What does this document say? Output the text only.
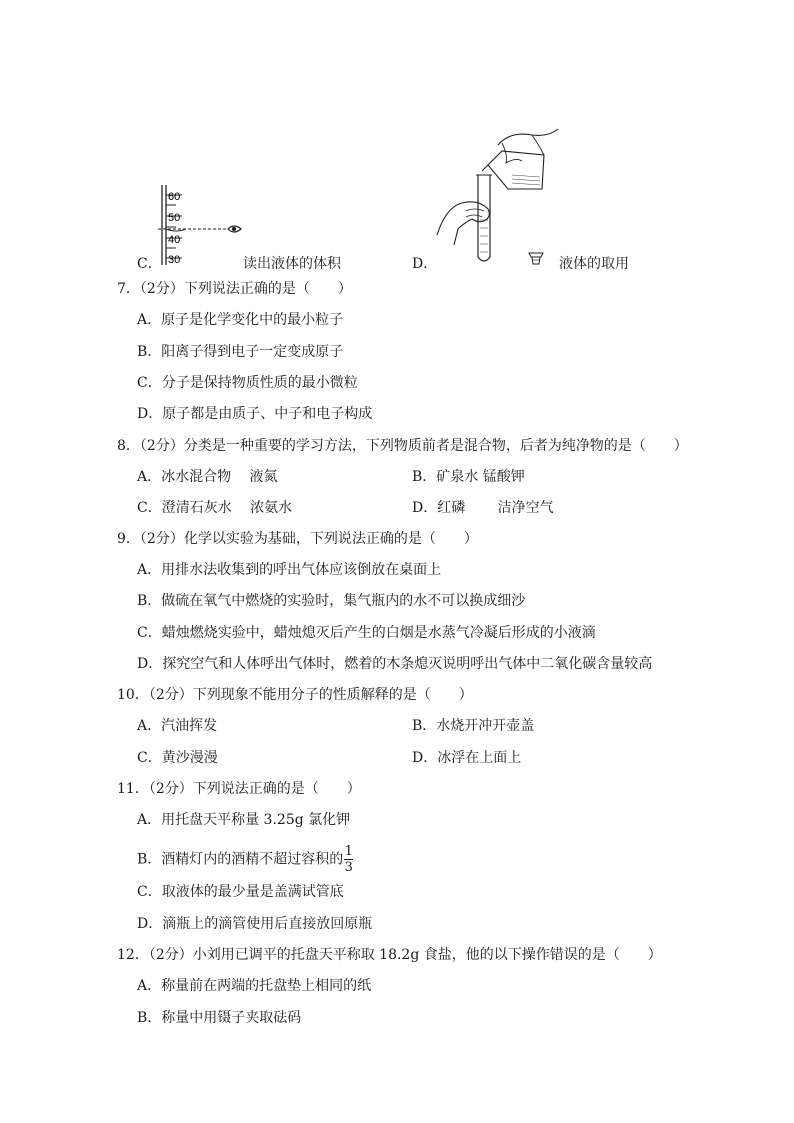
60
50
40
30
C．	读出液体的体积	D．	液体的取用
7．（2分）下列说法正确的是（　　）
A．原子是化学变化中的最小粒子
B．阳离子得到电子一定变成原子
C．分子是保持物质性质的最小微粒
D．原子都是由质子、中子和电子构成
8．（2分）分类是一种重要的学习方法，下列物质前者是混合物，后者为纯净物的是（　　）
A．冰水混合物　 液氮	B．矿泉水 锰酸钾
C．澄清石灰水　 浓氨水	D．红磷　　 洁净空气
9．（2分）化学以实验为基础，下列说法正确的是（　　）
A．用排水法收集到的呼出气体应该倒放在桌面上
B．做硫在氧气中燃烧的实验时，集气瓶内的水不可以换成细沙
C．蜡烛燃烧实验中，蜡烛熄灭后产生的白烟是水蒸气冷凝后形成的小液滴
D．探究空气和人体呼出气体时，燃着的木条熄灭说明呼出气体中二氧化碳含量较高
10．（2分）下列现象不能用分子的性质解释的是（　　）
A．汽油挥发	B．水烧开冲开壶盖
C．黄沙漫漫	D．冰浮在上面上
11．（2分）下列说法正确的是（　　）
A．用托盘天平称量 3.25g 氯化钾
B．酒精灯内的酒精不超过容积的 $\frac{1}{3}$
C．取液体的最少量是盖满试管底
D．滴瓶上的滴管使用后直接放回原瓶
12．（2分）小刘用已调平的托盘天平称取 18.2g 食盐，他的以下操作错误的是（　　）
A．称量前在两端的托盘垫上相同的纸
B．称量中用镊子夹取砝码
